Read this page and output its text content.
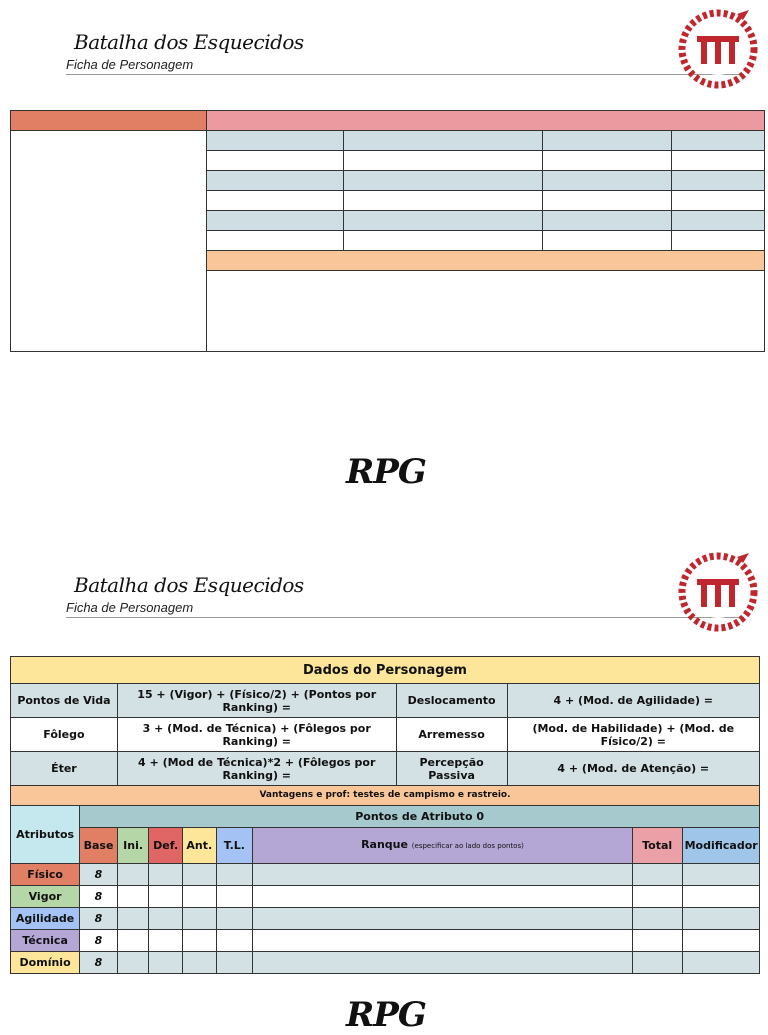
Batalha dos Esquecidos
Ficha de Personagem
RPG
Batalha dos Esquecidos
Ficha de Personagem
Dados do Personagem										
Pontos de Vida		15 + (Vigor) + (Físico/2) + (Pontos por Ranking) =					Deslocamento	4 + (Mod. de Agilidade) =		
Fôlego		3 + (Mod. de Técnica) + (Fôlegos por Ranking) =					Arremesso	(Mod. de Habilidade) + (Mod. de Físico/2) =		
Éter		4 + (Mod de Técnica)*2 + (Fôlegos por Ranking) =					Percepção Passiva	4 + (Mod. de Atenção) =		
Vantagens e prof: testes de campismo e rastreio.										
Atributos	Pontos de Atributo 0									
	Base	Ini.	Def.	Ant.	T.L.	Ranque (especificar ao lado dos pontos)			Total	Modificador
Físico	8									
Vigor	8									
Agilidade	8									
Técnica	8									
Domínio	8									
RPG
